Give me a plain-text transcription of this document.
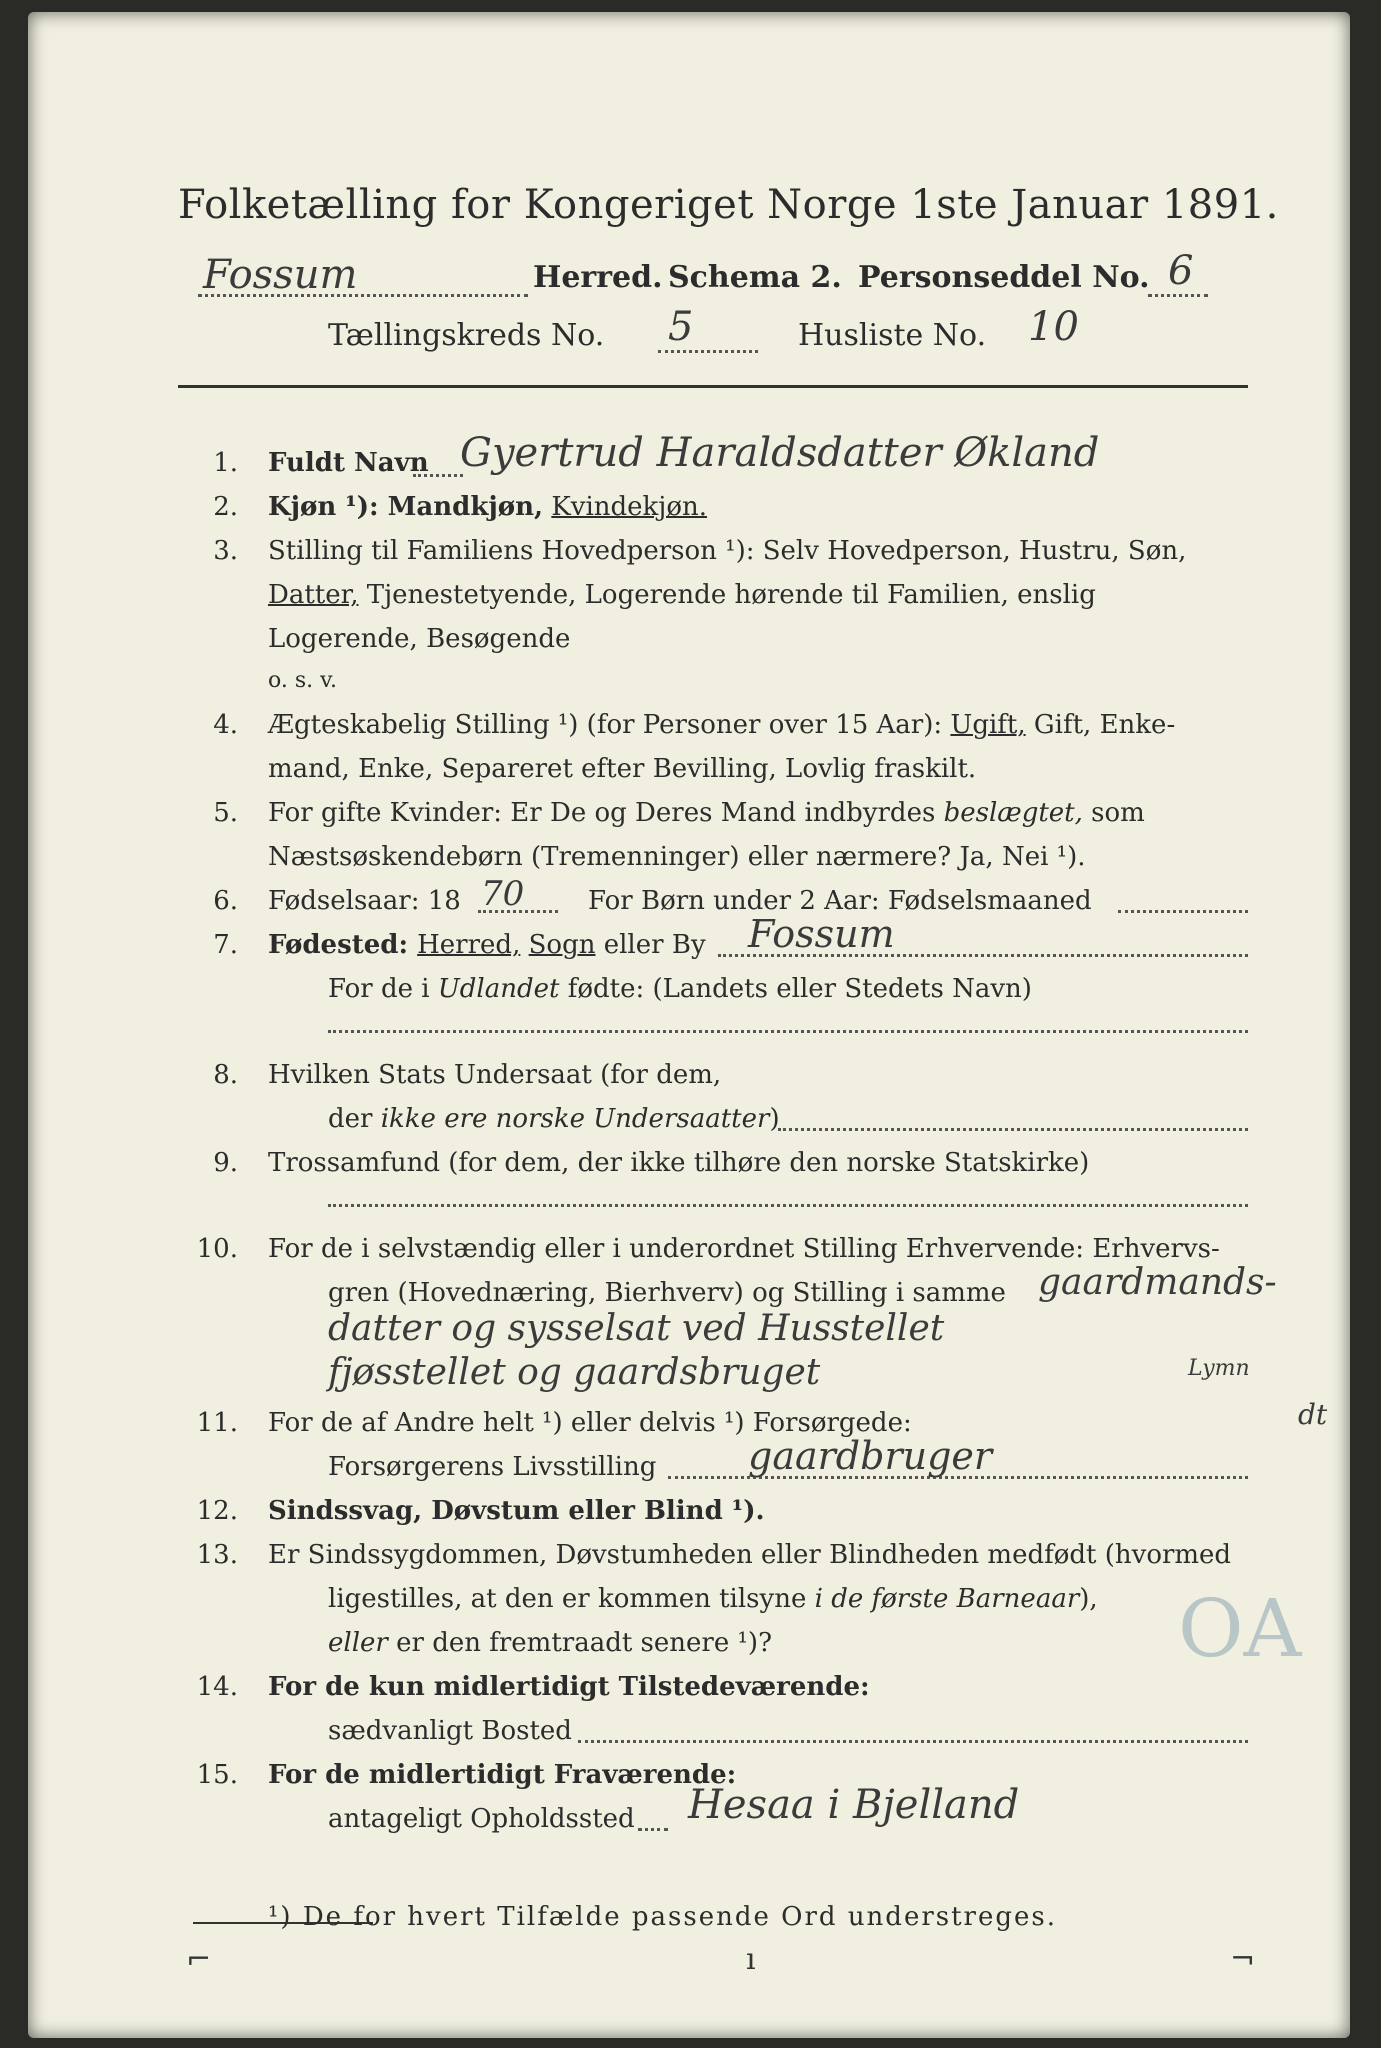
Folketælling for Kongeriget Norge 1ste Januar 1891.
Fossum	Herred. Schema 2. Personseddel No. 6
Tællingskreds No. 5	Husliste No. 10
1. Fuldt Navn Gyertrud Haraldsdatter Økland
2. Kjøn ¹): Mandkjøn, Kvindekjøn.
3. Stilling til Familiens Hovedperson ¹): Selv Hovedperson, Hustru, Søn,
Datter, Tjenestetyende, Logerende hørende til Familien, enslig
Logerende, Besøgende
o. s. v.
4. Ægteskabelig Stilling ¹) (for Personer over 15 Aar): Ugift, Gift, Enke-
mand, Enke, Separeret efter Bevilling, Lovlig fraskilt.
5. For gifte Kvinder: Er De og Deres Mand indbyrdes beslægtet, som
Næstsøskendebørn (Tremenninger) eller nærmere? Ja, Nei ¹).
6. Fødselsaar: 18 70 For Børn under 2 Aar: Fødselsmaaned
7. Fødested: Herred, Sogn eller By Fossum
For de i Udlandet fødte: (Landets eller Stedets Navn)
8. Hvilken Stats Undersaat (for dem,
der ikke ere norske Undersaatter)
9. Trossamfund (for dem, der ikke tilhøre den norske Statskirke)
10. For de i selvstændig eller i underordnet Stilling Erhvervende: Erhvervs-
gren (Hovednæring, Bierhverv) og Stilling i samme gaardmands-
datter og sysselsat ved Husstellet
fjøsstellet og gaardsbruget	Lymn
11. For de af Andre helt ¹) eller delvis ¹) Forsørgede:	dt
Forsørgerens Livsstilling gaardbruger
12. Sindssvag, Døvstum eller Blind ¹).
13. Er Sindssygdommen, Døvstumheden eller Blindheden medfødt (hvormed
ligestilles, at den er kommen tilsyne i de første Barneaar),
eller er den fremtraadt senere ¹)?	OA
14. For de kun midlertidigt Tilstedeværende:
sædvanligt Bosted
15. For de midlertidigt Fraværende:
antageligt Opholdssted Hesaa i Bjelland
¹) De for hvert Tilfælde passende Ord understreges.
⌐	ı	¬
